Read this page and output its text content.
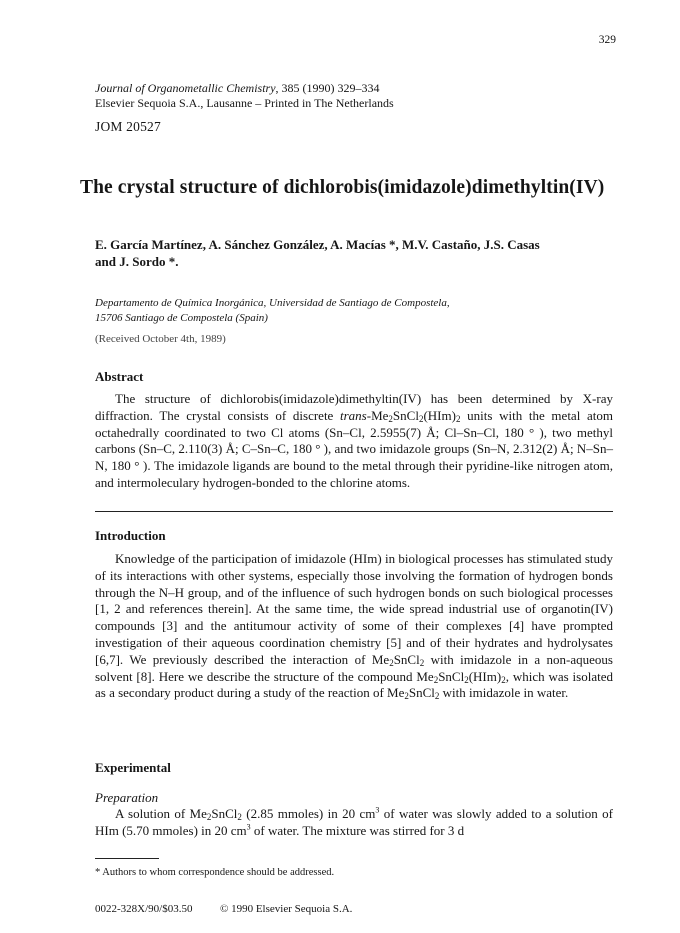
329
Journal of Organometallic Chemistry, 385 (1990) 329–334
Elsevier Sequoia S.A., Lausanne – Printed in The Netherlands
JOM 20527
The crystal structure of dichlorobis(imidazole)dimethyltin(IV)
E. García Martínez, A. Sánchez González, A. Macías *, M.V. Castaño, J.S. Casas
and J. Sordo *.
Departamento de Química Inorgánica, Universidad de Santiago de Compostela,
15706 Santiago de Compostela (Spain)
(Received October 4th, 1989)
Abstract

The structure of dichlorobis(imidazole)dimethyltin(IV) has been determined by X-ray diffraction. The crystal consists of discrete trans-$Me_2SnCl_2(HIm)_2$ units with the metal atom octahedrally coordinated to two Cl atoms (Sn–Cl, 2.5955(7) Å; Cl–Sn–Cl, 180 ° ), two methyl carbons (Sn–C, 2.110(3) Å; C–Sn–C, 180 ° ), and two imidazole groups (Sn–N, 2.312(2) Å; N–Sn–N, 180 ° ). The imidazole ligands are bound to the metal through their pyridine-like nitrogen atom, and intermoleculary hydrogen-bonded to the chlorine atoms.

Introduction

Knowledge of the participation of imidazole (HIm) in biological processes has stimulated study of its interactions with other systems, especially those involving the formation of hydrogen bonds through the N–H group, and of the influence of such hydrogen bonds on such biological processes [1, 2 and references therein]. At the same time, the wide spread industrial use of organotin(IV) compounds [3] and the antitumour activity of some of their complexes [4] have prompted investigation of their aqueous coordination chemistry [5] and of their hydrates and hydrolysates [6,7]. We previously described the interaction of $Me_2SnCl_2$ with imidazole in a non-aqueous solvent [8]. Here we describe the structure of the compound $Me_2SnCl_2(HIm)_2$, which was isolated as a secondary product during a study of the reaction of $Me_2SnCl_2$ with imidazole in water.

Experimental
Preparation

A solution of $Me_2SnCl_2$ (2.85 mmoles) in 20 $cm^3$ of water was slowly added to a solution of HIm (5.70 mmoles) in 20 $cm^3$ of water. The mixture was stirred for 3 d

* Authors to whom correspondence should be addressed.
0022-328X/90/$03.50	© 1990 Elsevier Sequoia S.A.
